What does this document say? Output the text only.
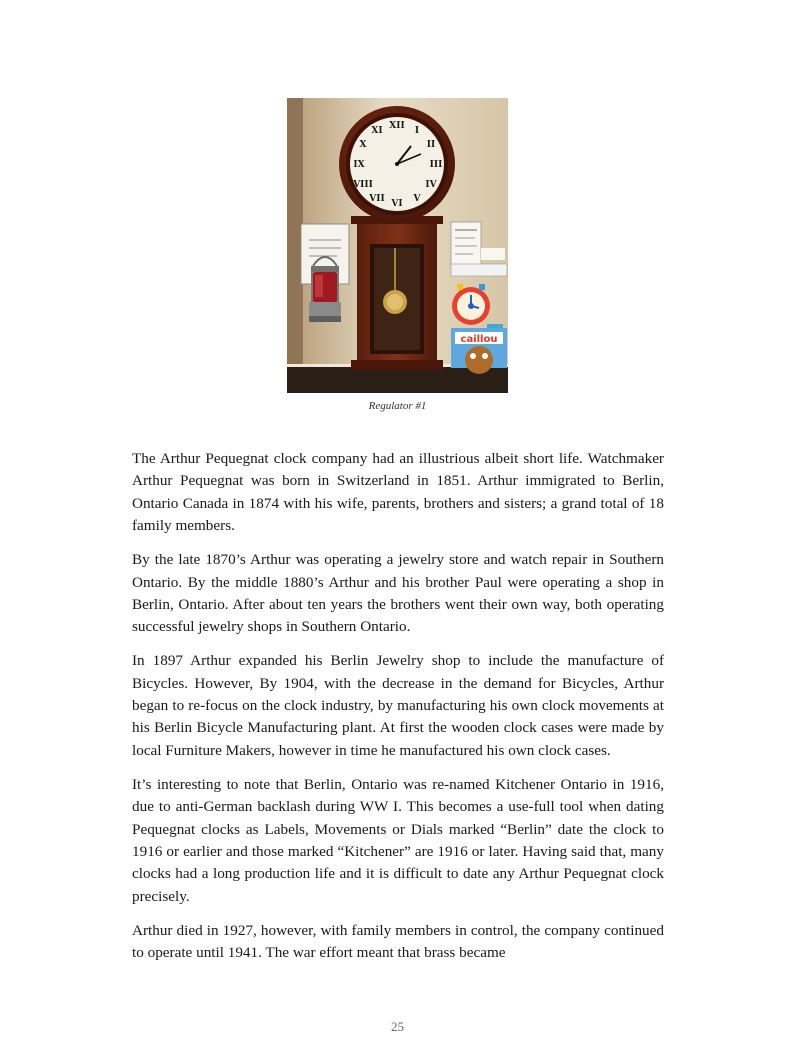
XII I
II
III
IV
V
VI
VII
VIII
IX
X
XI
caillou
Regulator #1

The Arthur Pequegnat clock company had an illustrious albeit short life. Watchmaker Arthur Pequegnat was born in Switzerland in 1851. Arthur immigrated to Berlin, Ontario Canada in 1874 with his wife, parents, brothers and sisters; a grand total of 18 family members.

By the late 1870’s Arthur was operating a jewelry store and watch repair in Southern Ontario. By the middle 1880’s Arthur and his brother Paul were operating a shop in Berlin, Ontario. After about ten years the brothers went their own way, both operating successful jewelry shops in Southern Ontario.

In 1897 Arthur expanded his Berlin Jewelry shop to include the manufacture of Bicycles. However, By 1904, with the decrease in the demand for Bicycles, Arthur began to re-focus on the clock industry, by manufacturing his own clock movements at his Berlin Bicycle Manufacturing plant. At first the wooden clock cases were made by local Furniture Makers, however in time he manufactured his own clock cases.

It’s interesting to note that Berlin, Ontario was re-named Kitchener Ontario in 1916, due to anti-German backlash during WW I. This becomes a use-full tool when dating Pequegnat clocks as Labels, Movements or Dials marked “Berlin” date the clock to 1916 or earlier and those marked “Kitchener” are 1916 or later. Having said that, many clocks had a long production life and it is difficult to date any Arthur Pequegnat clock precisely.

Arthur died in 1927, however, with family members in control, the company continued to operate until 1941. The war effort meant that brass became

25
